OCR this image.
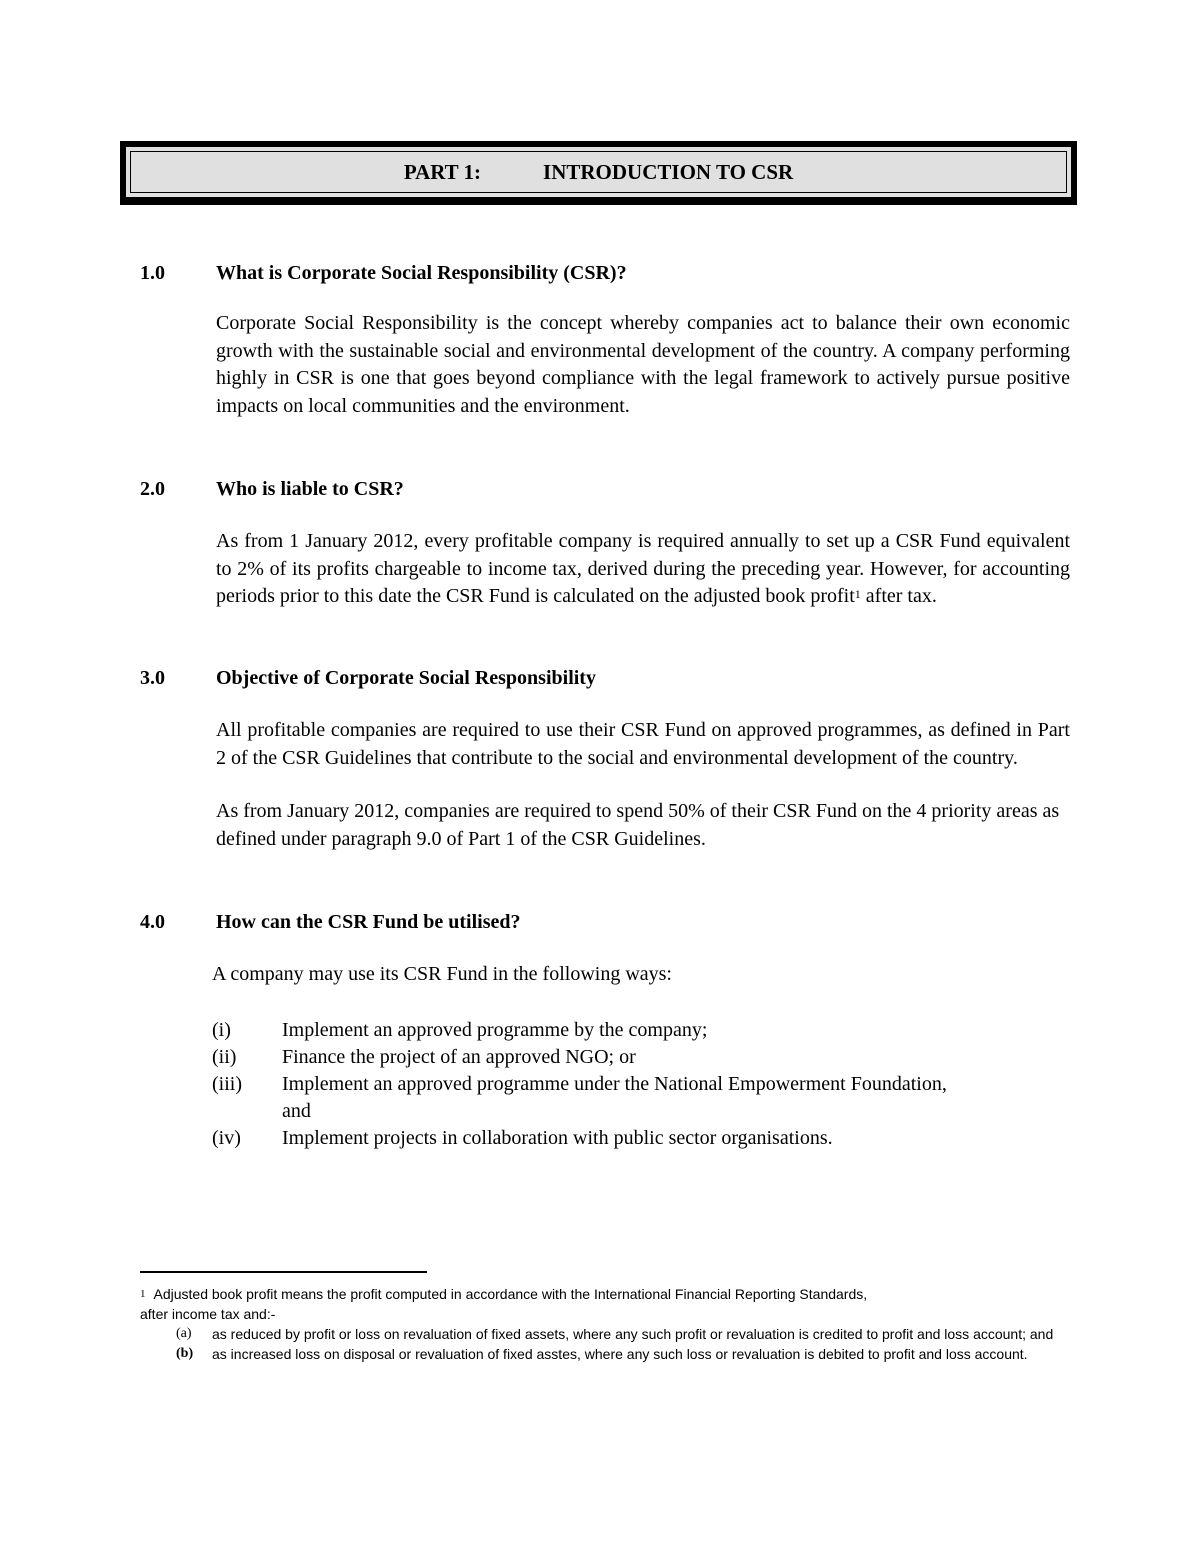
PART 1:	INTRODUCTION TO CSR
1.0	What is Corporate Social Responsibility (CSR)?

Corporate Social Responsibility is the concept whereby companies act to balance their own economic growth with the sustainable social and environmental development of the country. A company performing highly in CSR is one that goes beyond compliance with the legal framework to actively pursue positive impacts on local communities and the environment.

2.0	Who is liable to CSR?

As from 1 January 2012, every profitable company is required annually to set up a CSR Fund equivalent to 2% of its profits chargeable to income tax, derived during the preceding year. However, for accounting periods prior to this date the CSR Fund is calculated on the adjusted book profit$^1$ after tax.

3.0	Objective of Corporate Social Responsibility

All profitable companies are required to use their CSR Fund on approved programmes, as defined in Part 2 of the CSR Guidelines that contribute to the social and environmental development of the country.

As from January 2012, companies are required to spend 50% of their CSR Fund on the 4 priority areas as defined under paragraph 9.0 of Part 1 of the CSR Guidelines.

4.0	How can the CSR Fund be utilised?

A company may use its CSR Fund in the following ways:

(i)	Implement an approved programme by the company;
(ii)	Finance the project of an approved NGO; or
(iii)	Implement an approved programme under the National Empowerment Foundation, and
(iv)	Implement projects in collaboration with public sector organisations.
$^1$ Adjusted book profit means the profit computed in accordance with the International Financial Reporting Standards,
after income tax and:-
(a)	as reduced by profit or loss on revaluation of fixed assets, where any such profit or revaluation is credited to profit and loss account; and
(b)	as increased loss on disposal or revaluation of fixed asstes, where any such loss or revaluation is debited to profit and loss account.
